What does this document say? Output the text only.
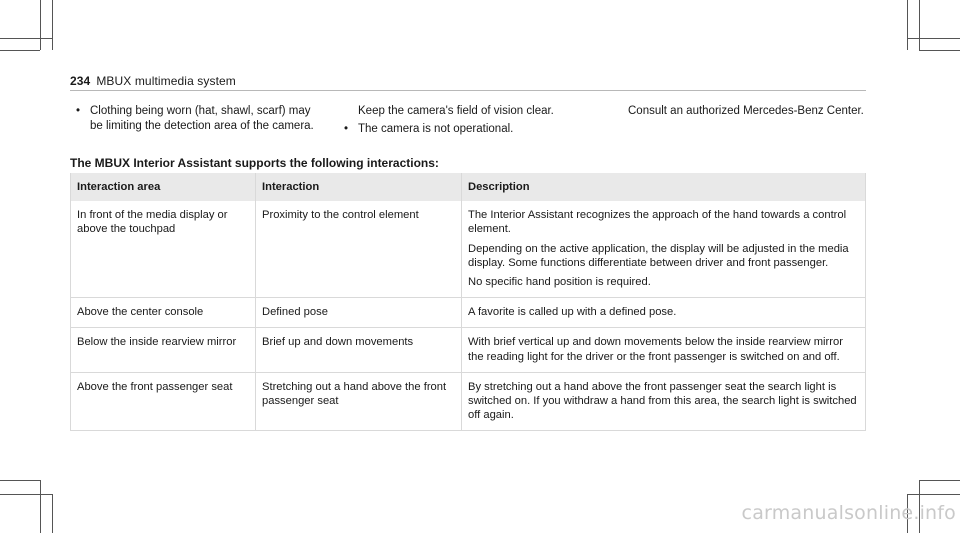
234 MBUX multimedia system

• Clothing being worn (hat, shawl, scarf) may be limiting the detection area of the camera.

Keep the camera's field of vision clear.

• The camera is not operational.

Consult an authorized Mercedes-Benz Center.

The MBUX Interior Assistant supports the following interactions:
Interaction area	Interaction	Description
In front of the media display or above the touchpad	Proximity to the control element	The Interior Assistant recognizes the approach of the hand towards a control element.

Depending on the active application, the display will be adjusted in the media display. Some functions differentiate between driver and front passenger.

No specific hand position is required.

Above the center console	Defined pose	A favorite is called up with a defined pose.

Below the inside rearview mirror	Brief up and down movements	With brief vertical up and down movements below the inside rearview mirror the reading light for the driver or the front passenger is switched on and off.

Above the front passenger seat	Stretching out a hand above the front passenger seat	By stretching out a hand above the front passenger seat the search light is switched on. If you withdraw a hand from this area, the search light is switched off again.

carmanualsonline.info
